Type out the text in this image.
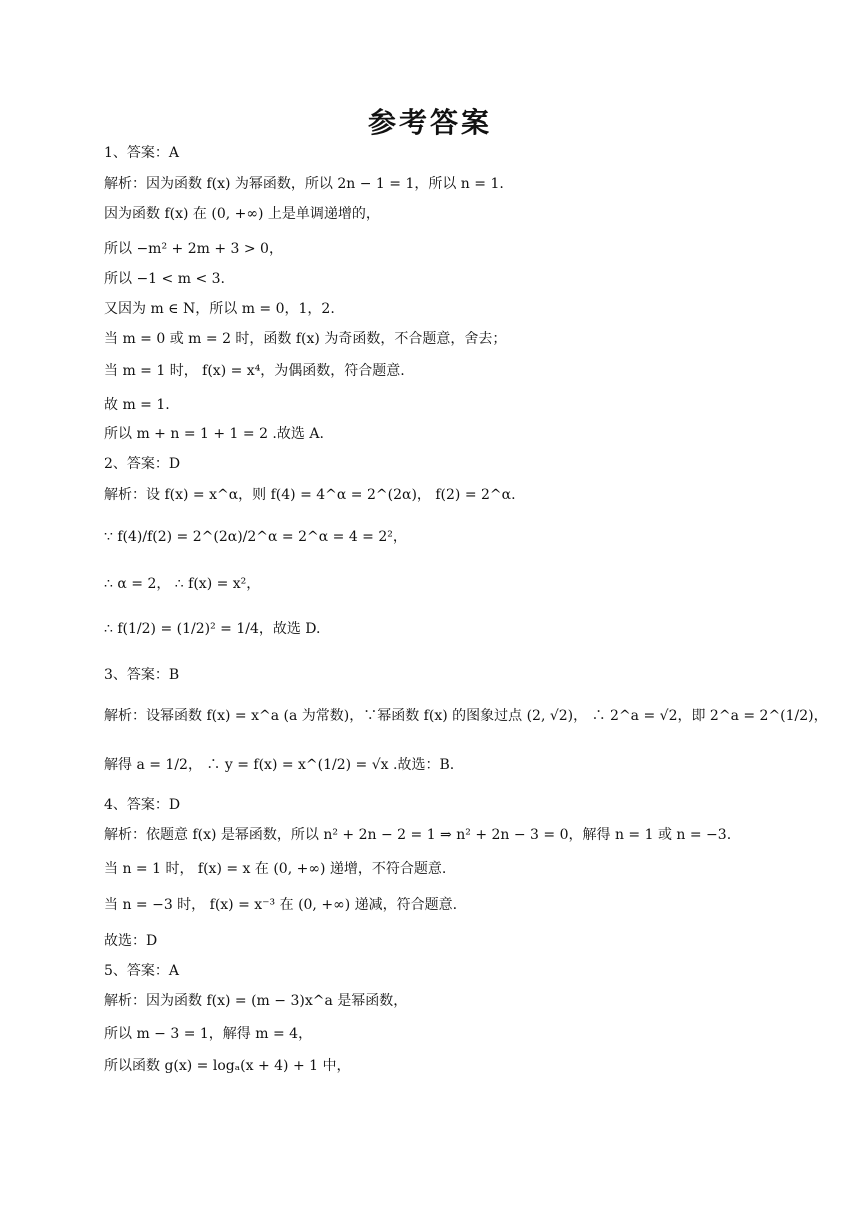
参考答案
1、答案：A
解析：因为函数 f(x) 为幂函数，所以 2n − 1 = 1，所以 n = 1.
因为函数 f(x) 在 (0, +∞) 上是单调递增的，
所以 −m² + 2m + 3 > 0，
所以 −1 < m < 3.
又因为 m ∈ N，所以 m = 0，1，2.
当 m = 0 或 m = 2 时，函数 f(x) 为奇函数，不合题意，舍去；
当 m = 1 时， f(x) = x⁴，为偶函数，符合题意.
故 m = 1.
所以 m + n = 1 + 1 = 2 .故选 A.
2、答案：D
解析：设 f(x) = x^α，则 f(4) = 4^α = 2^(2α)， f(2) = 2^α.
∵ f(4)/f(2) = 2^(2α)/2^α = 2^α = 4 = 2²，
∴ α = 2， ∴ f(x) = x²，
∴ f(1/2) = (1/2)² = 1/4，故选 D.
3、答案：B
解析：设幂函数 f(x) = x^a (a 为常数)，∵幂函数 f(x) 的图象过点 (2, √2)， ∴ 2^a = √2，即 2^a = 2^(1/2)，
解得 a = 1/2， ∴ y = f(x) = x^(1/2) = √x .故选：B.
4、答案：D
解析：依题意 f(x) 是幂函数，所以 n² + 2n − 2 = 1 ⇒ n² + 2n − 3 = 0，解得 n = 1 或 n = −3.
当 n = 1 时， f(x) = x 在 (0, +∞) 递增，不符合题意.
当 n = −3 时， f(x) = x⁻³ 在 (0, +∞) 递减，符合题意.
故选：D
5、答案：A
解析：因为函数 f(x) = (m − 3)x^a 是幂函数，
所以 m − 3 = 1，解得 m = 4，
所以函数 g(x) = logₐ(x + 4) + 1 中，
